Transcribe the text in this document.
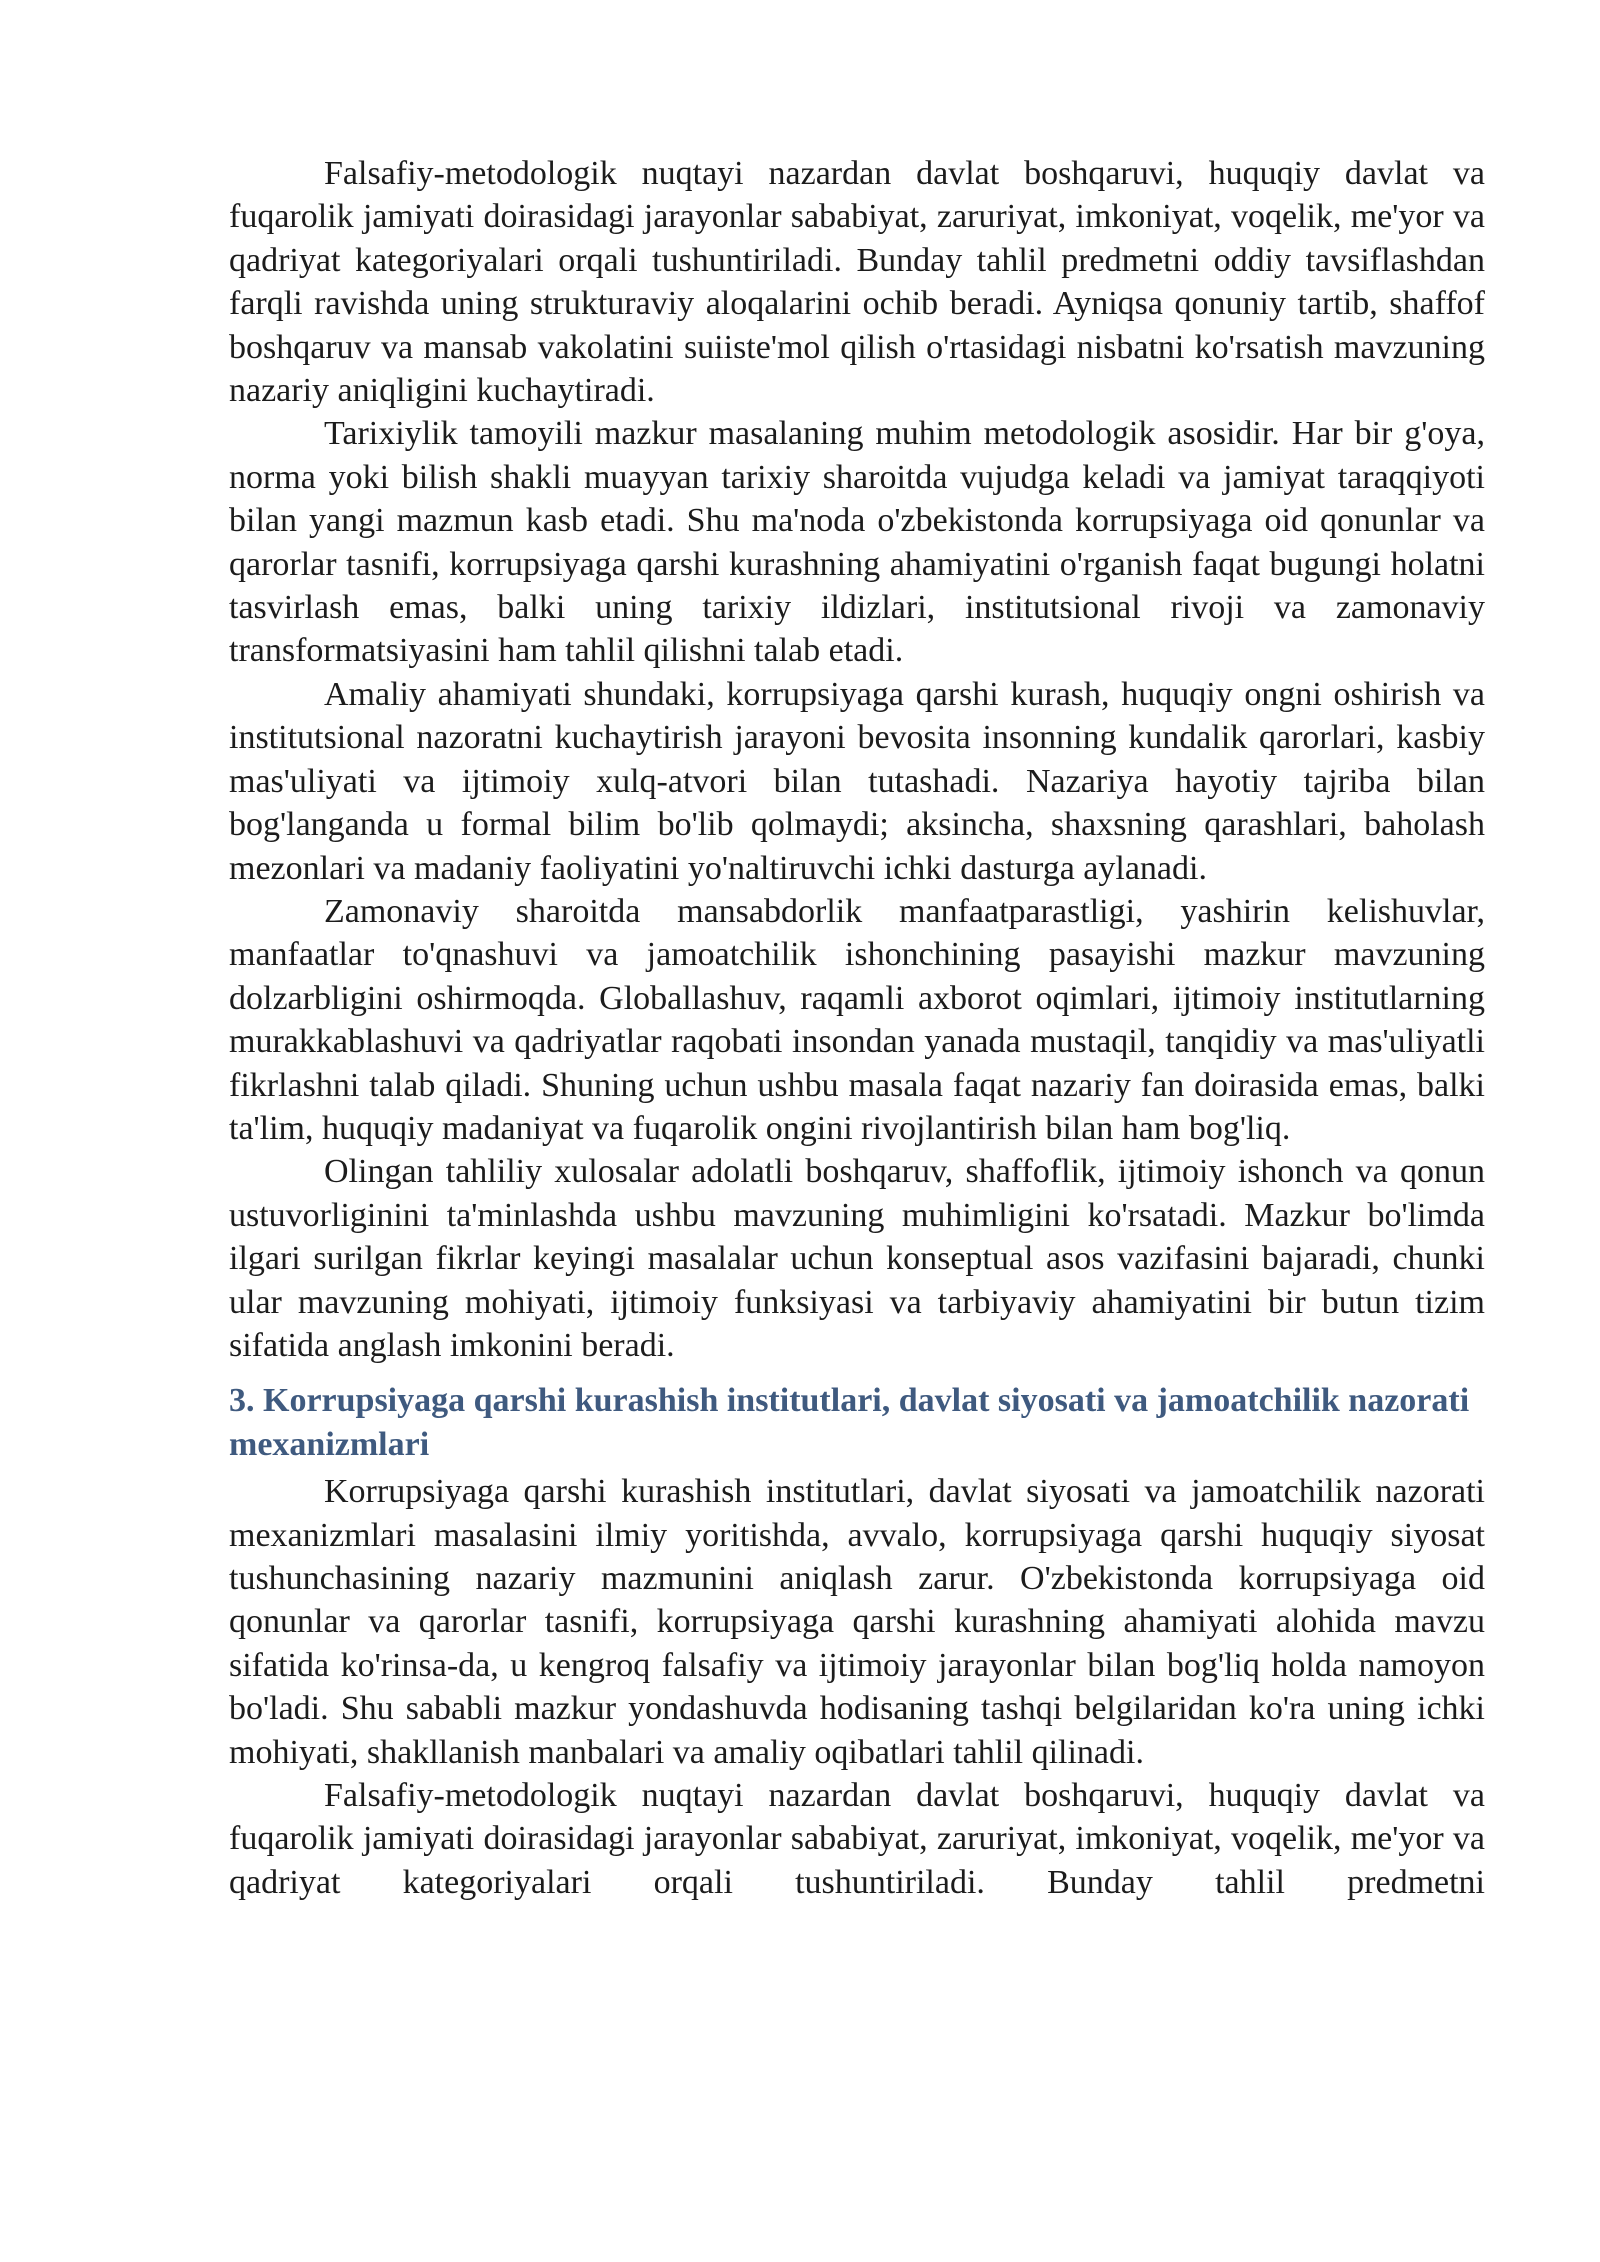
Falsafiy-metodologik nuqtayi nazardan davlat boshqaruvi, huquqiy davlat va fuqarolik jamiyati doirasidagi jarayonlar sababiyat, zaruriyat, imkoniyat, voqelik, me'yor va qadriyat kategoriyalari orqali tushuntiriladi. Bunday tahlil predmetni oddiy tavsiflashdan farqli ravishda uning strukturaviy aloqalarini ochib beradi. Ayniqsa qonuniy tartib, shaffof boshqaruv va mansab vakolatini suiiste'mol qilish o'rtasidagi nisbatni ko'rsatish mavzuning nazariy aniqligini kuchaytiradi.

Tarixiylik tamoyili mazkur masalaning muhim metodologik asosidir. Har bir g'oya, norma yoki bilish shakli muayyan tarixiy sharoitda vujudga keladi va jamiyat taraqqiyoti bilan yangi mazmun kasb etadi. Shu ma'noda o'zbekistonda korrupsiyaga oid qonunlar va qarorlar tasnifi, korrupsiyaga qarshi kurashning ahamiyatini o'rganish faqat bugungi holatni tasvirlash emas, balki uning tarixiy ildizlari, institutsional rivoji va zamonaviy transformatsiyasini ham tahlil qilishni talab etadi.

Amaliy ahamiyati shundaki, korrupsiyaga qarshi kurash, huquqiy ongni oshirish va institutsional nazoratni kuchaytirish jarayoni bevosita insonning kundalik qarorlari, kasbiy mas'uliyati va ijtimoiy xulq-atvori bilan tutashadi. Nazariya hayotiy tajriba bilan bog'langanda u formal bilim bo'lib qolmaydi; aksincha, shaxsning qarashlari, baholash mezonlari va madaniy faoliyatini yo'naltiruvchi ichki dasturga aylanadi.

Zamonaviy sharoitda mansabdorlik manfaatparastligi, yashirin kelishuvlar, manfaatlar to'qnashuvi va jamoatchilik ishonchining pasayishi mazkur mavzuning dolzarbligini oshirmoqda. Globallashuv, raqamli axborot oqimlari, ijtimoiy institutlarning murakkablashuvi va qadriyatlar raqobati insondan yanada mustaqil, tanqidiy va mas'uliyatli fikrlashni talab qiladi. Shuning uchun ushbu masala faqat nazariy fan doirasida emas, balki ta'lim, huquqiy madaniyat va fuqarolik ongini rivojlantirish bilan ham bog'liq.

Olingan tahliliy xulosalar adolatli boshqaruv, shaffoflik, ijtimoiy ishonch va qonun ustuvorliginini ta'minlashda ushbu mavzuning muhimligini ko'rsatadi. Mazkur bo'limda ilgari surilgan fikrlar keyingi masalalar uchun konseptual asos vazifasini bajaradi, chunki ular mavzuning mohiyati, ijtimoiy funksiyasi va tarbiyaviy ahamiyatini bir butun tizim sifatida anglash imkonini beradi.

3. Korrupsiyaga qarshi kurashish institutlari, davlat siyosati va jamoatchilik nazorati mexanizmlari

Korrupsiyaga qarshi kurashish institutlari, davlat siyosati va jamoatchilik nazorati mexanizmlari masalasini ilmiy yoritishda, avvalo, korrupsiyaga qarshi huquqiy siyosat tushunchasining nazariy mazmunini aniqlash zarur. O'zbekistonda korrupsiyaga oid qonunlar va qarorlar tasnifi, korrupsiyaga qarshi kurashning ahamiyati alohida mavzu sifatida ko'rinsa-da, u kengroq falsafiy va ijtimoiy jarayonlar bilan bog'liq holda namoyon bo'ladi. Shu sababli mazkur yondashuvda hodisaning tashqi belgilaridan ko'ra uning ichki mohiyati, shakllanish manbalari va amaliy oqibatlari tahlil qilinadi.

Falsafiy-metodologik nuqtayi nazardan davlat boshqaruvi, huquqiy davlat va fuqarolik jamiyati doirasidagi jarayonlar sababiyat, zaruriyat, imkoniyat, voqelik, me'yor va qadriyat kategoriyalari orqali tushuntiriladi. Bunday tahlil predmetni
